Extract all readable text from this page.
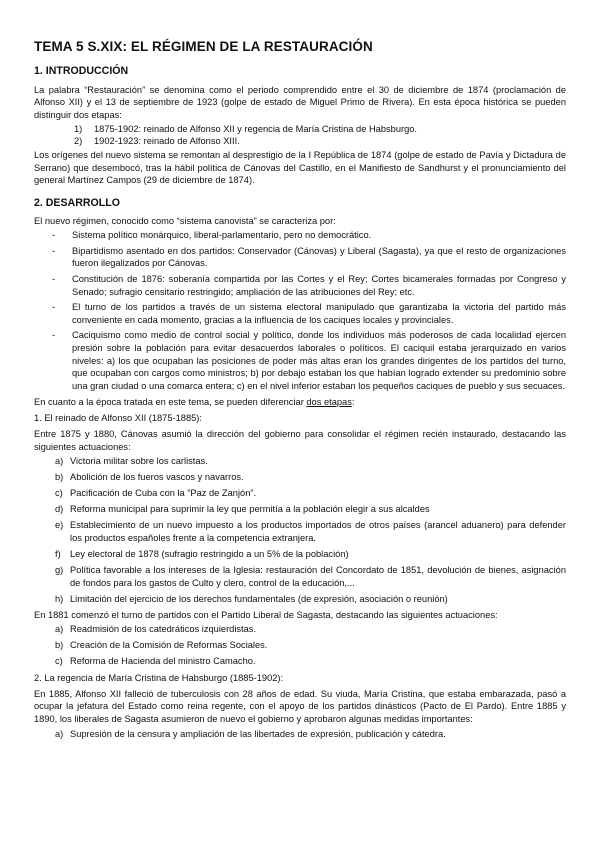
TEMA 5 S.XIX: EL RÉGIMEN DE LA RESTAURACIÓN
1. INTRODUCCIÓN

La palabra “Restauración” se denomina como el periodo comprendido entre el 30 de diciembre de 1874 (proclamación de Alfonso XII) y el 13 de septiembre de 1923 (golpe de estado de Miguel Primo de Rivera). En esta época histórica se pueden distinguir dos etapas:

1)	1875-1902: reinado de Alfonso XII y regencia de María Cristina de Habsburgo.
2)	1902-1923: reinado de Alfonso XIII.

Los orígenes del nuevo sistema se remontan al desprestigio de la I República de 1874 (golpe de estado de Pavía y Dictadura de Serrano) que desembocó, tras la hábil política de Cánovas del Castillo, en el Manifiesto de Sandhurst y el pronunciamiento del general Martínez Campos (29 de diciembre de 1874).

2. DESARROLLO

El nuevo régimen, conocido como “sistema canovista” se caracteriza por:

-	Sistema político monárquico, liberal-parlamentario, pero no democrático.
-	Bipartidismo asentado en dos partidos: Conservador (Cánovas) y Liberal (Sagasta), ya que el resto de organizaciones fueron ilegalizados por Cánovas.
-	Constitución de 1876: soberanía compartida por las Cortes y el Rey; Cortes bicamerales formadas por Congreso y Senado; sufragio censitario restringido; ampliación de las atribuciones del Rey; etc.
-	El turno de los partidos a través de un sistema electoral manipulado que garantizaba la victoria del partido más conveniente en cada momento, gracias a la influencia de los caciques locales y provinciales.
-	Caciquismo como medio de control social y político, donde los individuos más poderosos de cada localidad ejercen presión sobre la población para evitar desacuerdos laborales o políticos. El caciquil estaba jerarquizado en varios niveles: a) los que ocupaban las posiciones de poder más altas eran los grandes dirigentes de los partidos del turno, que ocupaban con cargos como ministros; b) por debajo estaban los que habían logrado extender su predominio sobre una gran ciudad o una comarca entera; c) en el nivel inferior estaban los pequeños caciques de pueblo y sus secuaces.

En cuanto a la época tratada en este tema, se pueden diferenciar dos etapas:

1. El reinado de Alfonso XII (1875-1885):

Entre 1875 y 1880, Cánovas asumió la dirección del gobierno para consolidar el régimen recién instaurado, destacando las siguientes actuaciones:

a) Victoria militar sobre los carlistas.
b) Abolición de los fueros vascos y navarros.
c) Pacificación de Cuba con la “Paz de Zanjón”.
d) Reforma municipal para suprimir la ley que permitía a la población elegir a sus alcaldes
e) Establecimiento de un nuevo impuesto a los productos importados de otros países (arancel aduanero) para defender los productos españoles frente a la competencia extranjera.
f)	Ley electoral de 1878 (sufragio restringido a un 5% de la población)
g) Política favorable a los intereses de la Iglesia: restauración del Concordato de 1851, devolución de bienes, asignación de fondos para los gastos de Culto y clero, control de la educación,...
h) Limitación del ejercicio de los derechos fundamentales (de expresión, asociación o reunión)

En 1881 comenzó el turno de partidos con el Partido Liberal de Sagasta, destacando las siguientes actuaciones:

a) Readmisión de los catedráticos izquierdistas.
b) Creación de la Comisión de Reformas Sociales.
c) Reforma de Hacienda del ministro Camacho.

2. La regencia de María Cristina de Habsburgo (1885-1902):

En 1885, Alfonso XII falleció de tuberculosis con 28 años de edad. Su viuda, María Cristina, que estaba embarazada, pasó a ocupar la jefatura del Estado como reina regente, con el apoyo de los partidos dinásticos (Pacto de El Pardo). Entre 1885 y 1890, los liberales de Sagasta asumieron de nuevo el gobierno y aprobaron algunas medidas importantes:

a) Supresión de la censura y ampliación de las libertades de expresión, publicación y cátedra.
